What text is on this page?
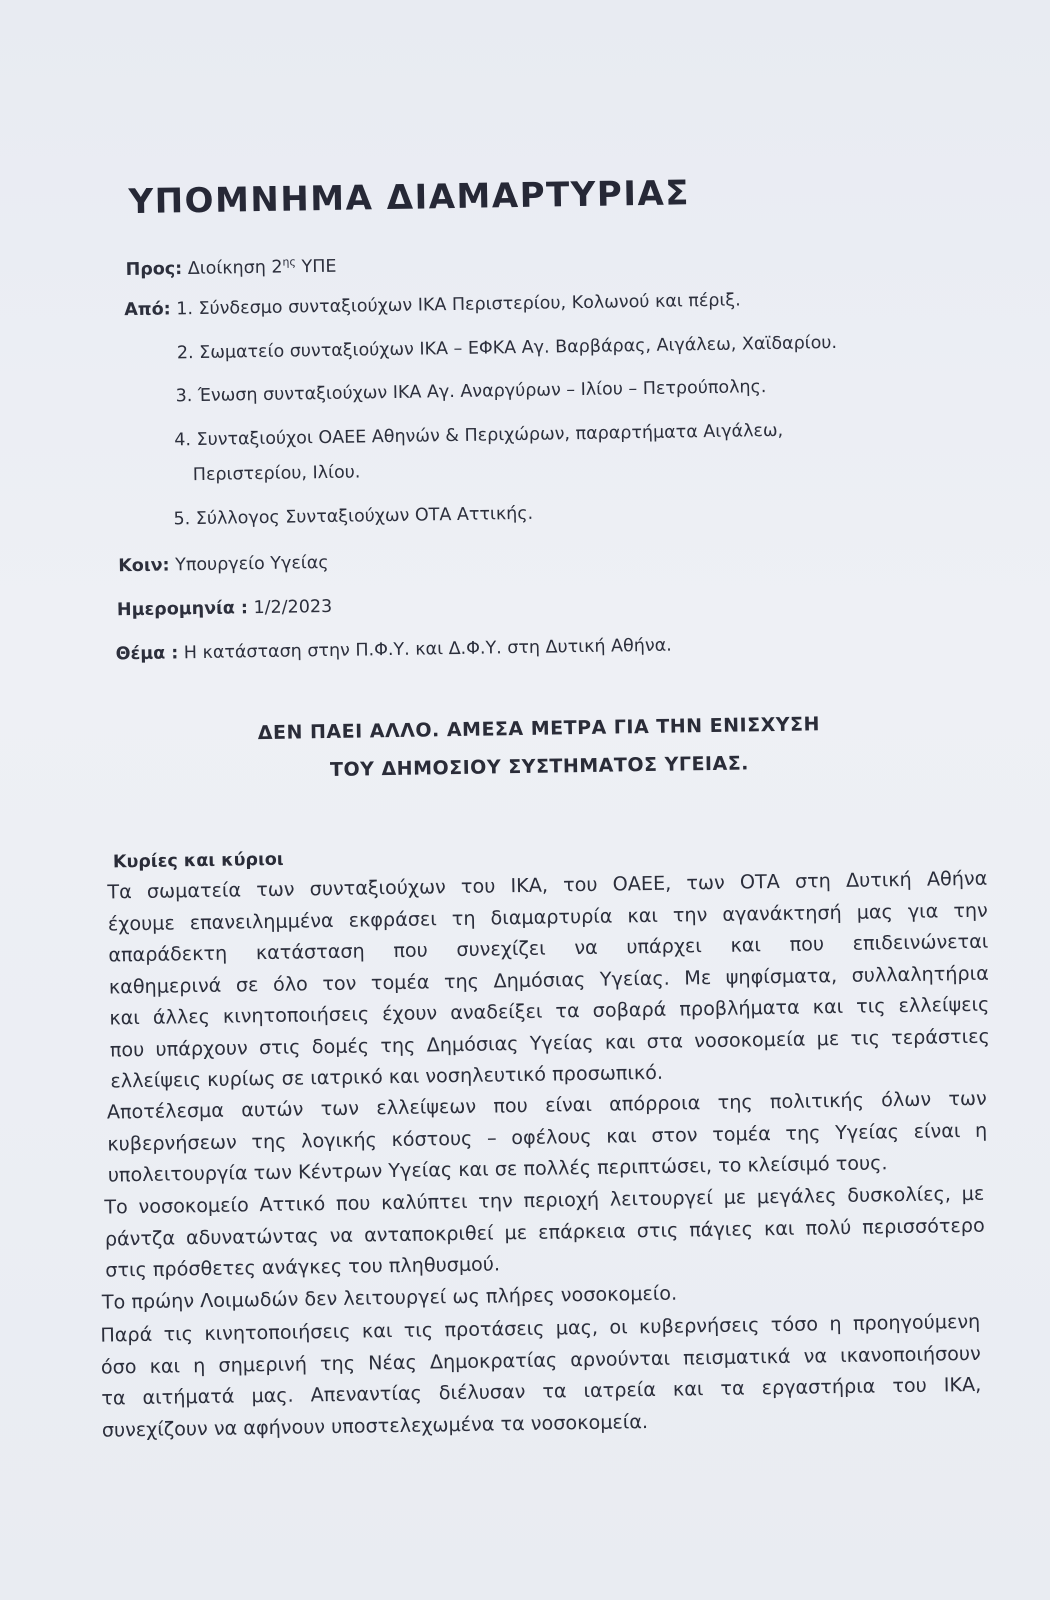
ΥΠΟΜΝΗΜΑ ΔΙΑΜΑΡΤΥΡΙΑΣ
Προς: Διοίκηση $2^{\eta\varsigma}$ ΥΠΕ
Από: 1. Σύνδεσμο συνταξιούχων ΙΚΑ Περιστερίου, Κολωνού και πέριξ.
2. Σωματείο συνταξιούχων ΙΚΑ – ΕΦΚΑ Αγ. Βαρβάρας, Αιγάλεω, Χαϊδαρίου.
3. Ένωση συνταξιούχων ΙΚΑ Αγ. Αναργύρων – Ιλίου – Πετρούπολης.
4. Συνταξιούχοι ΟΑΕΕ Αθηνών & Περιχώρων, παραρτήματα Αιγάλεω,
Περιστερίου, Ιλίου.
5. Σύλλογος Συνταξιούχων ΟΤΑ Αττικής.
Κοιν: Υπουργείο Υγείας
Ημερομηνία : 1/2/2023
Θέμα : Η κατάσταση στην Π.Φ.Υ. και Δ.Φ.Υ. στη Δυτική Αθήνα.
ΔΕΝ ΠΑΕΙ ΑΛΛΟ. ΑΜΕΣΑ ΜΕΤΡΑ ΓΙΑ ΤΗΝ ΕΝΙΣΧΥΣΗ
ΤΟΥ ΔΗΜΟΣΙΟΥ ΣΥΣΤΗΜΑΤΟΣ ΥΓΕΙΑΣ.
Κυρίες και κύριοι
Τα σωματεία των συνταξιούχων του ΙΚΑ, του ΟΑΕΕ, των ΟΤΑ στη Δυτική Αθήνα
έχουμε επανειλημμένα εκφράσει τη διαμαρτυρία και την αγανάκτησή μας για την
απαράδεκτη κατάσταση που συνεχίζει να υπάρχει και που επιδεινώνεται
καθημερινά σε όλο τον τομέα της Δημόσιας Υγείας. Με ψηφίσματα, συλλαλητήρια
και άλλες κινητοποιήσεις έχουν αναδείξει τα σοβαρά προβλήματα και τις ελλείψεις
που υπάρχουν στις δομές της Δημόσιας Υγείας και στα νοσοκομεία με τις τεράστιες
ελλείψεις κυρίως σε ιατρικό και νοσηλευτικό προσωπικό.
Αποτέλεσμα αυτών των ελλείψεων που είναι απόρροια της πολιτικής όλων των
κυβερνήσεων της λογικής κόστους – οφέλους και στον τομέα της Υγείας είναι η
υπολειτουργία των Κέντρων Υγείας και σε πολλές περιπτώσει, το κλείσιμό τους.
Το νοσοκομείο Αττικό που καλύπτει την περιοχή λειτουργεί με μεγάλες δυσκολίες, με
ράντζα αδυνατώντας να ανταποκριθεί με επάρκεια στις πάγιες και πολύ περισσότερο
στις πρόσθετες ανάγκες του πληθυσμού.
Το πρώην Λοιμωδών δεν λειτουργεί ως πλήρες νοσοκομείο.
Παρά τις κινητοποιήσεις και τις προτάσεις μας, οι κυβερνήσεις τόσο η προηγούμενη
όσο και η σημερινή της Νέας Δημοκρατίας αρνούνται πεισματικά να ικανοποιήσουν
τα αιτήματά μας. Απεναντίας διέλυσαν τα ιατρεία και τα εργαστήρια του ΙΚΑ,
συνεχίζουν να αφήνουν υποστελεχωμένα τα νοσοκομεία.
